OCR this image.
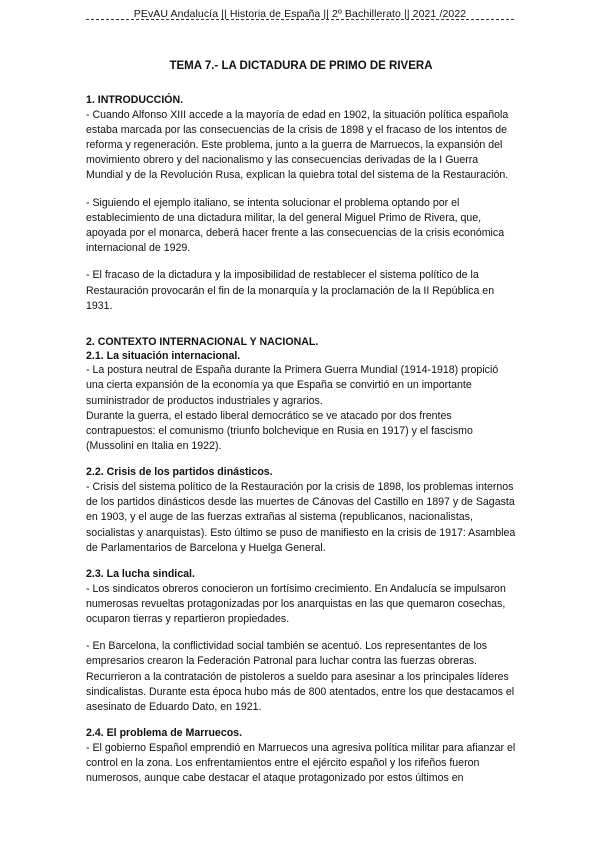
PEvAU Andalucía || Historia de España || 2º Bachillerato || 2021 /2022
TEMA 7.- LA DICTADURA DE PRIMO DE RIVERA
1. INTRODUCCIÓN.

- Cuando Alfonso XIII accede a la mayoría de edad en 1902, la situación política española estaba marcada por las consecuencias de la crisis de 1898 y el fracaso de los intentos de reforma y regeneración. Este problema, junto a la guerra de Marruecos, la expansión del movimiento obrero y del nacionalismo y las consecuencias derivadas de la I Guerra Mundial y de la Revolución Rusa, explican la quiebra total del sistema de la Restauración.

- Siguiendo el ejemplo italiano, se intenta solucionar el problema optando por el establecimiento de una dictadura militar, la del general Miguel Primo de Rivera, que, apoyada por el monarca, deberá hacer frente a las consecuencias de la crisis económica internacional de 1929.

- El fracaso de la dictadura y la imposibilidad de restablecer el sistema político de la Restauración provocarán el fin de la monarquía y la proclamación de la II República en 1931.

2. CONTEXTO INTERNACIONAL Y NACIONAL.
2.1. La situación internacional.

- La postura neutral de España durante la Primera Guerra Mundial (1914-1918) propició una cierta expansión de la economía ya que España se convirtió en un importante suministrador de productos industriales y agrarios.

Durante la guerra, el estado liberal democrático se ve atacado por dos frentes contrapuestos: el comunismo (triunfo bolchevique en Rusia en 1917) y el fascismo (Mussolini en Italia en 1922).

2.2. Crisis de los partidos dinásticos.

- Crisis del sistema político de la Restauración por la crisis de 1898, los problemas internos de los partidos dinásticos desde las muertes de Cánovas del Castillo en 1897 y de Sagasta en 1903, y el auge de las fuerzas extrañas al sistema (republicanos, nacionalistas, socialistas y anarquistas). Esto último se puso de manifiesto en la crisis de 1917: Asamblea de Parlamentarios de Barcelona y Huelga General.

2.3. La lucha sindical.

- Los sindicatos obreros conocieron un fortísimo crecimiento. En Andalucía se impulsaron numerosas revueltas protagonizadas por los anarquistas en las que quemaron cosechas, ocuparon tierras y repartieron propiedades.

- En Barcelona, la conflictividad social también se acentuó. Los representantes de los empresarios crearon la Federación Patronal para luchar contra las fuerzas obreras. Recurrieron a la contratación de pistoleros a sueldo para asesinar a los principales líderes sindicalistas. Durante esta época hubo más de 800 atentados, entre los que destacamos el asesinato de Eduardo Dato, en 1921.

2.4. El problema de Marruecos.

- El gobierno Español emprendió en Marruecos una agresiva política militar para afianzar el control en la zona. Los enfrentamientos entre el ejército español y los rifeños fueron numerosos, aunque cabe destacar el ataque protagonizado por estos últimos en
